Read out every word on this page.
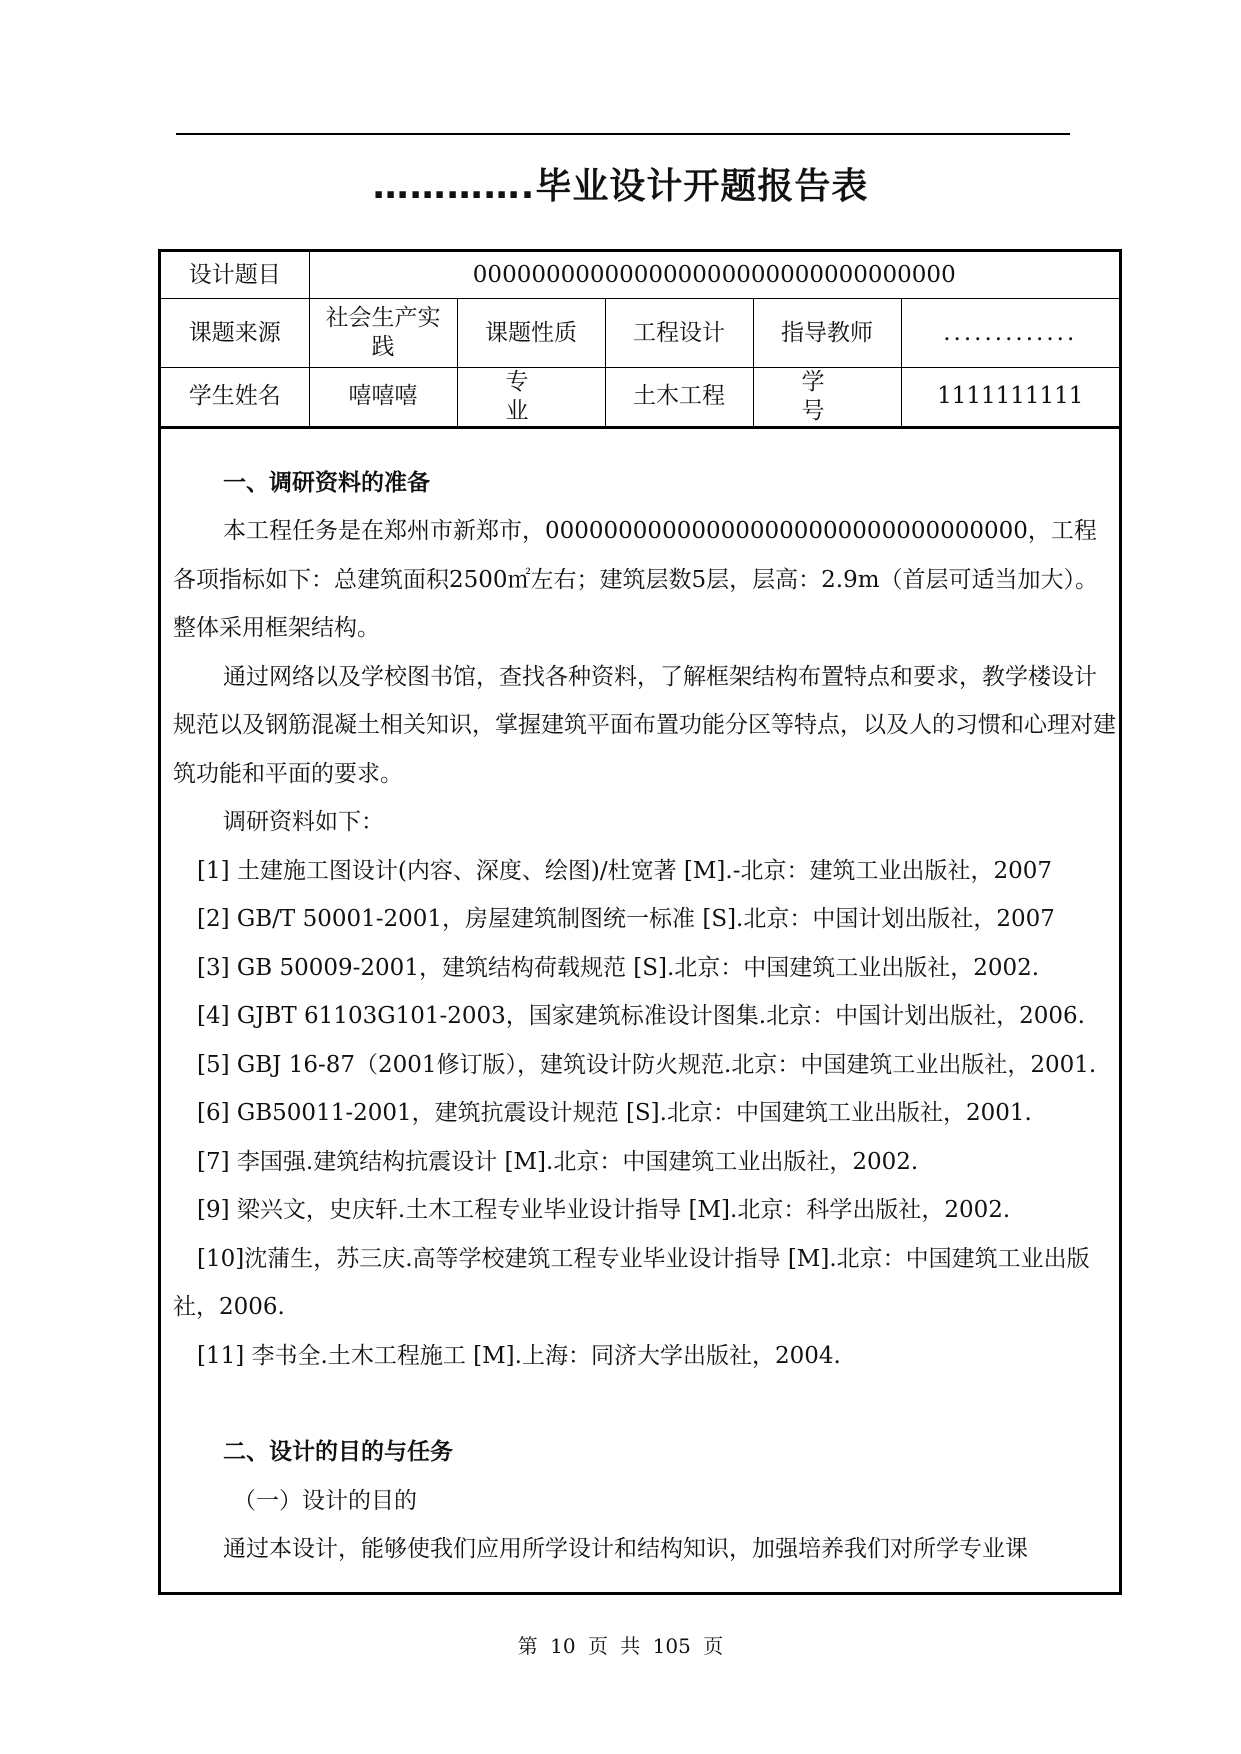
………….毕业设计开题报告表
设计题目	000000000000000000000000000000000				
课题来源	社会生产实践	课题性质	工程设计	指导教师	.............
学生姓名	嘻嘻嘻	专 业	土木工程	学 号	1111111111

一、调研资料的准备

本工程任务是在郑州市新郑市，000000000000000000000000000000000，工程各项指标如下：总建筑面积2500㎡左右；建筑层数5层，层高：2.9m（首层可适当加大）。整体采用框架结构。

通过网络以及学校图书馆，查找各种资料，了解框架结构布置特点和要求，教学楼设计规范以及钢筋混凝土相关知识，掌握建筑平面布置功能分区等特点，以及人的习惯和心理对建筑功能和平面的要求。

调研资料如下：

[1] 土建施工图设计(内容、深度、绘图)/杜宽著 [M].-北京：建筑工业出版社，2007

[2] GB/T 50001-2001，房屋建筑制图统一标准 [S].北京：中国计划出版社，2007

[3] GB 50009-2001，建筑结构荷载规范 [S].北京：中国建筑工业出版社，2002.

[4] GJBT 61103G101-2003，国家建筑标准设计图集.北京：中国计划出版社，2006.

[5] GBJ 16-87（2001修订版），建筑设计防火规范.北京：中国建筑工业出版社，2001.

[6] GB50011-2001，建筑抗震设计规范 [S].北京：中国建筑工业出版社，2001.

[7] 李国强.建筑结构抗震设计 [M].北京：中国建筑工业出版社，2002.

[9] 梁兴文，史庆轩.土木工程专业毕业设计指导 [M].北京：科学出版社，2002.

[10]沈蒲生，苏三庆.高等学校建筑工程专业毕业设计指导 [M].北京：中国建筑工业出版社，2006.

[11] 李书全.土木工程施工 [M].上海：同济大学出版社，2004.

二、设计的目的与任务

（一）设计的目的

通过本设计，能够使我们应用所学设计和结构知识，加强培养我们对所学专业课

第 10 页 共 105 页
